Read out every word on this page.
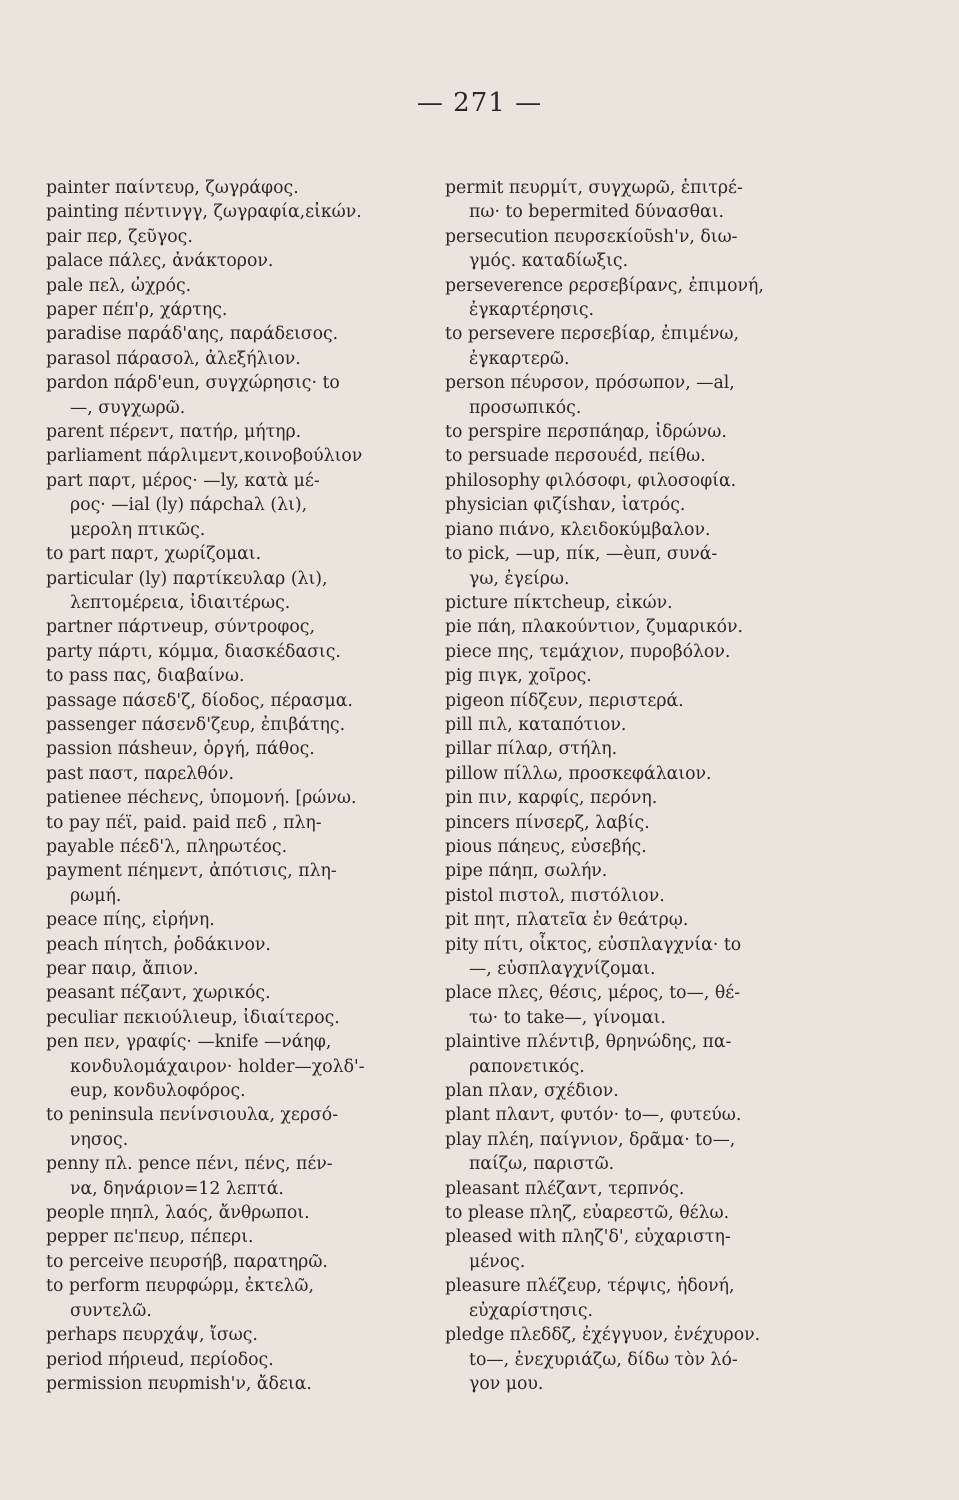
— 271 —
painter παίντευρ, ζωγράφος.
painting πέντινγγ, ζωγραφία,εἰκών.
pair περ, ζεῦγος.
palace πάλες, ἀνάκτορον.
pale πελ, ὠχρός.
paper πέπ'ρ, χάρτης.
paradise παράδ'αης, παράδεισος.
parasol πάρασολ, ἀλεξήλιον.
pardon πάρδ'eun, συγχώρησις· to
—, συγχωρῶ.
parent πέρεντ, πατήρ, μήτηρ.
parliament πάρλιμεντ,κοινοβούλιον
part παρτ, μέρος· —ly, κατὰ μέ-
ρος· —ial (ly) πάρchaλ (λι),
μερολη πτικῶς.
to part παρτ, χωρίζομαι.
particular (ly) παρτίκευλαρ (λι),
λεπτομέρεια, ἰδιαιτέρως.
partner πάρτνeup, σύντροφος,
party πάρτι, κόμμα, διασκέδασις.
to pass πας, διαβαίνω.
passage πάσεδ'ζ, δίοδος, πέρασμα.
passenger πάσενδ'ζευρ, ἐπιβάτης.
passion πάsheuν, ὀργή, πάθος.
past παστ, παρελθόν.
patienee πéchενς, ὑπομονή. [ρώνω.
to pay πέϊ, paid. paid πεδ , πλη-
payable πέεδ'λ, πληρωτέος.
payment πέημεντ, ἀπότισις, πλη-
ρωμή.
peace πίης, εἰρήνη.
peach πίητch, ῥοδάκινον.
pear παιρ, ἄπιον.
peasant πέζαντ, χωρικός.
peculiar πεκιούλιeup, ἰδιαίτερος.
pen πεν, γραφίς· —knife —νάηφ,
κονδυλομάχαιρον· holder—χολδ'-
eup, κονδυλοφόρος.
to peninsula πενίνσιουλα, χερσό-
νησος.
penny πλ. pence πένι, πένς, πέν-
να, δηνάριον=12 λεπτά.
people πηπλ, λαός, ἄνθρωποι.
pepper πε'πευρ, πέπερι.
to perceive πευρσήβ, παρατηρῶ.
to perform πευρφώρμ, ἐκτελῶ,
συντελῶ.
perhaps πευρχάψ, ἴσως.
period πήριeud, περίοδος.
permission πευρmish'ν, ἄδεια.
permit πευρμίτ, συγχωρῶ, ἐπιτρέ-
πω· to bepermited δύνασθαι.
persecution πευρσεκίοῦsh'ν, διω-
γμός. καταδίωξις.
perseverence ρερσεβίρανς, ἐπιμονή,
ἐγκαρτέρησις.
to persevere περσεβίαρ, ἐπιμένω,
ἐγκαρτερῶ.
person πέυρσον, πρόσωπον, —al,
προσωπικός.
to perspire περσπάηαρ, ἱδρώνω.
to persuade περσουέd, πείθω.
philosophy φιλόσοφι, φιλοσοφία.
physician φιζίshαν, ἰατρός.
piano πιάνο, κλειδοκύμβαλον.
to pick, —up, πίκ, —èuπ, συνά-
γω, ἐγείρω.
picture πίκτcheup, εἰκών.
pie πάη, πλακούντιον, ζυμαρικόν.
piece πης, τεμάχιον, πυροβόλον.
pig πιγκ, χοῖρος.
pigeon πίδζευν, περιστερά.
pill πιλ, καταπότιον.
pillar πίλαρ, στήλη.
pillow πίλλω, προσκεφάλαιον.
pin πιν, καρφίς, περόνη.
pincers πίνσερζ, λαβίς.
pious πάηευς, εὐσεβής.
pipe πάηπ, σωλήν.
pistol πιστολ, πιστόλιον.
pit πητ, πλατεῖα ἐν θεάτρῳ.
pity πίτι, οἶκτος, εὐσπλαγχνία· to
—, εὐσπλαγχνίζομαι.
place πλες, θέσις, μέρος, to—, θέ-
τω· to take—, γίνομαι.
plaintive πλέντιβ, θρηνώδης, πα-
ραπονετικός.
plan πλαν, σχέδιον.
plant πλαντ, φυτόν· to—, φυτεύω.
play πλέη, παίγνιον, δρᾶμα· to—,
παίζω, παριστῶ.
pleasant πλέζαντ, τερπνός.
to please πληζ, εὐαρεστῶ, θέλω.
pleased with πληζ'δ', εὐχαριστη-
μένος.
pleasure πλέζευρ, τέρψις, ἡδονή,
εὐχαρίστησις.
pledge πλεδδζ, ἐχέγγυον, ἐνέχυρον.
to—, ἐνεχυριάζω, δίδω τὸν λό-
γον μου.
